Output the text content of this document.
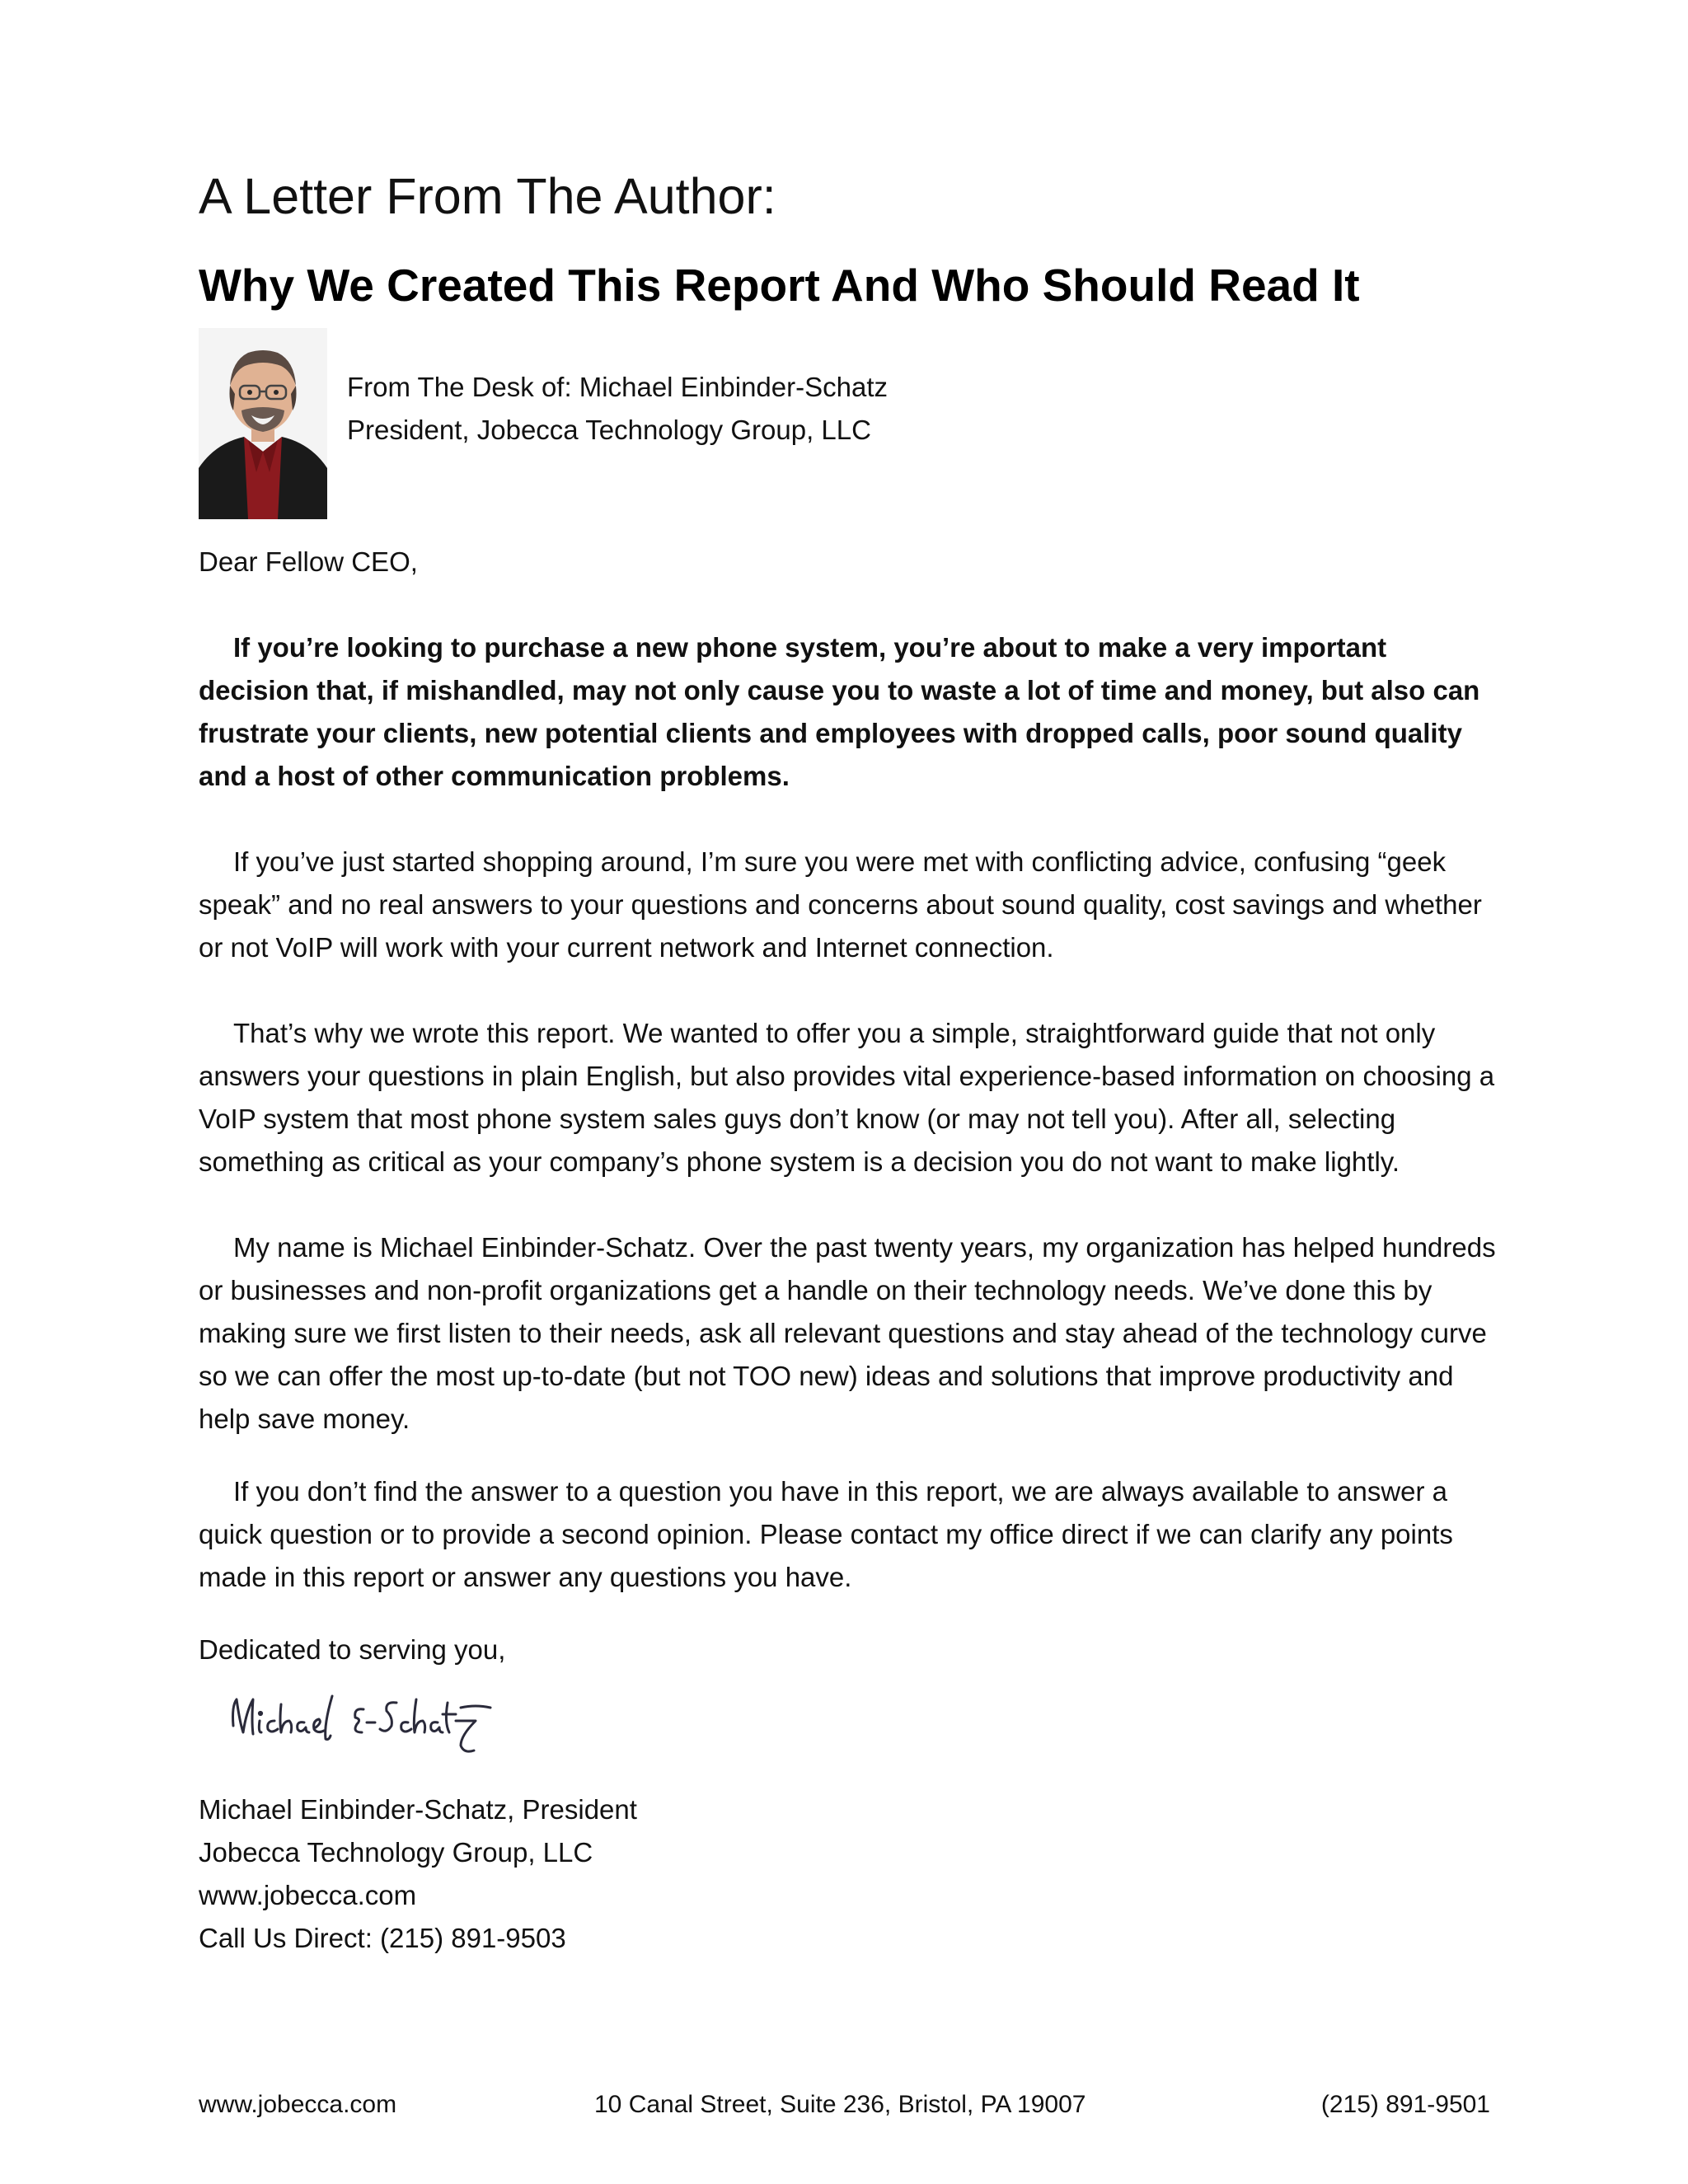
A Letter From The Author:
Why We Created This Report And Who Should Read It
From The Desk of: Michael Einbinder-Schatz
President, Jobecca Technology Group, LLC
Dear Fellow CEO,

If you’re looking to purchase a new phone system, you’re about to make a very important decision that, if mishandled, may not only cause you to waste a lot of time and money, but also can frustrate your clients, new potential clients and employees with dropped calls, poor sound quality and a host of other communication problems.

If you’ve just started shopping around, I’m sure you were met with conflicting advice, confusing “geek speak” and no real answers to your questions and concerns about sound quality, cost savings and whether or not VoIP will work with your current network and Internet connection.

That’s why we wrote this report. We wanted to offer you a simple, straightforward guide that not only answers your questions in plain English, but also provides vital experience-based information on choosing a VoIP system that most phone system sales guys don’t know (or may not tell you). After all, selecting something as critical as your company’s phone system is a decision you do not want to make lightly.

My name is Michael Einbinder-Schatz. Over the past twenty years, my organization has helped hundreds or businesses and non-profit organizations get a handle on their technology needs. We’ve done this by making sure we first listen to their needs, ask all relevant questions and stay ahead of the technology curve so we can offer the most up-to-date (but not TOO new) ideas and solutions that improve productivity and help save money.

If you don’t find the answer to a question you have in this report, we are always available to answer a quick question or to provide a second opinion. Please contact my office direct if we can clarify any points made in this report or answer any questions you have.

Dedicated to serving you,
Michael Einbinder-Schatz, President
Jobecca Technology Group, LLC
www.jobecca.com
Call Us Direct: (215) 891-9503
www.jobecca.com	10 Canal Street, Suite 236, Bristol, PA 19007	(215) 891-9501
